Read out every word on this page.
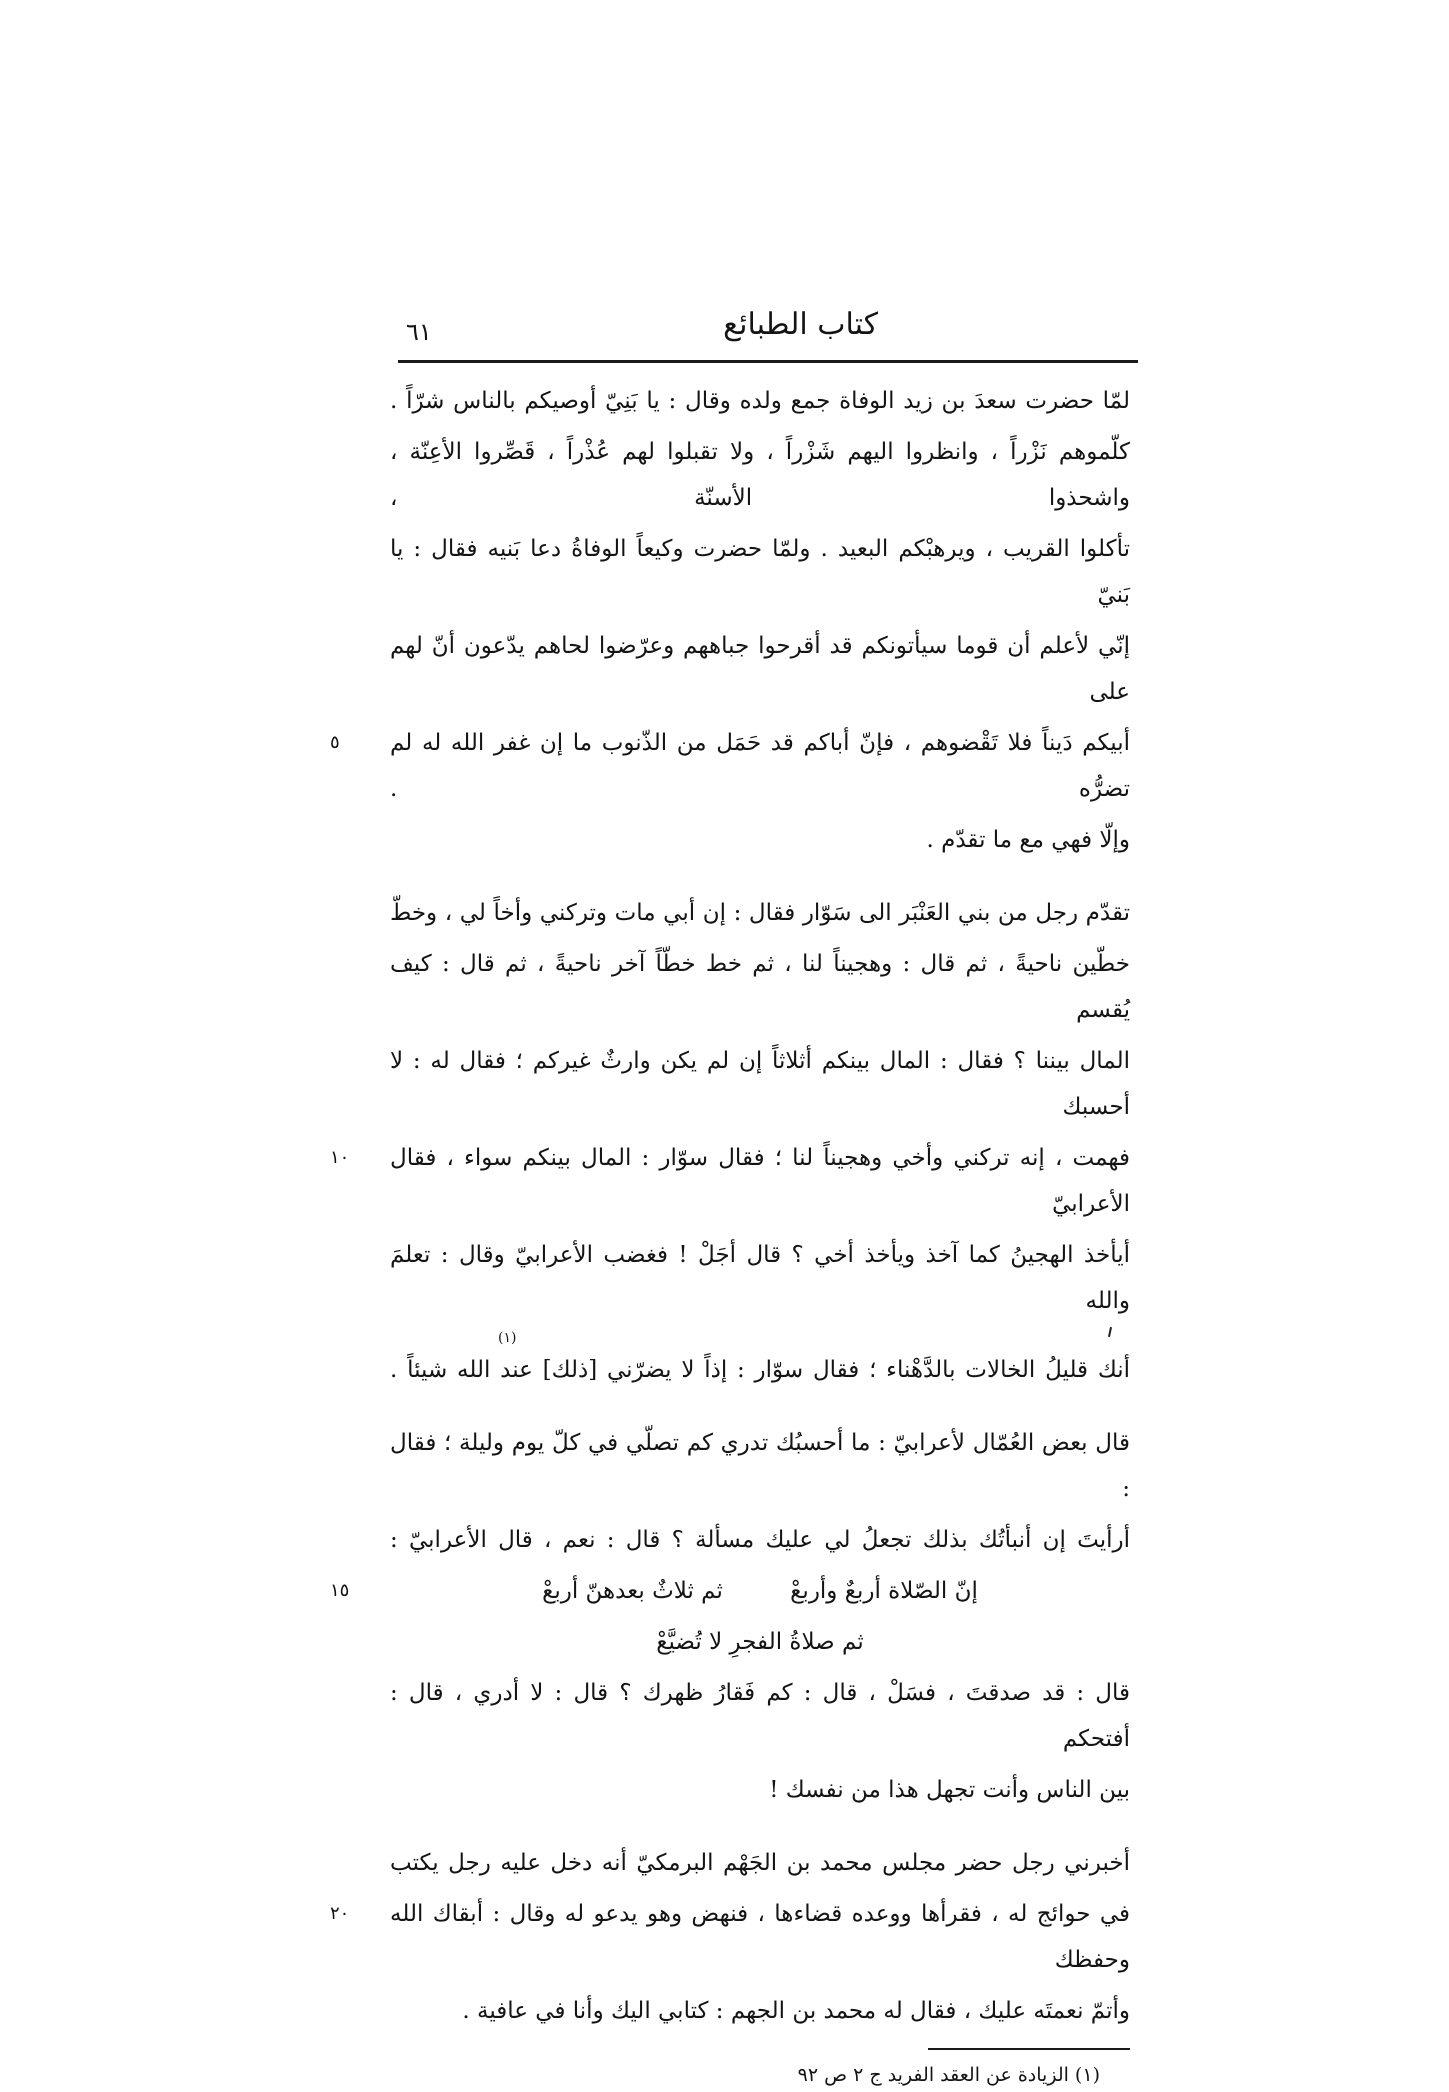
كتاب الطبائع
٦١
٥
١٠
١٥
٢٠
لمّا حضرت سعدَ بن زيد الوفاة جمع ولده وقال : يا بَنِيّ أوصيكم بالناس شرّاً .
كلّموهم نَزْراً ، وانظروا اليهم شَزْراً ، ولا تقبلوا لهم عُذْراً ، قَصِّروا الأعِنّة ، واشحذوا الأسنّة ،
تأكلوا القريب ، ويرهبْكم البعيد . ولمّا حضرت وكيعاً الوفاةُ دعا بَنيه فقال : يا بَنيّ
إنّي لأعلم أن قوما سيأتونكم قد أقرحوا جباههم وعرّضوا لحاهم يدّعون أنّ لهم على
أبيكم دَيناً فلا تَقْضوهم ، فإنّ أباكم قد حَمَل من الذّنوب ما إن غفر الله له لم تضرُّه .
وإلّا فهي مع ما تقدّم .
تقدّم رجل من بني العَنْبَر الى سَوّار فقال : إن أبي مات وتركني وأخاً لي ، وخطّ
خطّين ناحيةً ، ثم قال : وهجيناً لنا ، ثم خط خطّاً آخر ناحيةً ، ثم قال : كيف يُقسم
المال بيننا ؟ فقال : المال بينكم أثلاثاً إن لم يكن وارثٌ غيركم ؛ فقال له : لا أحسبك
فهمت ، إنه تركني وأخي وهجيناً لنا ؛ فقال سوّار : المال بينكم سواء ، فقال الأعرابيّ
أيأخذ الهجينُ كما آخذ ويأخذ أخي ؟ قال أجَلْ ! فغضب الأعرابيّ وقال : تعلمَ والله
(١)
أنك قليلُ الخالات بالدَّهْناء ؛ فقال سوّار : إذاً لا يضرّني [ذلك] عند الله شيئاً .
قال بعض العُمّال لأعرابيّ : ما أحسبُك تدري كم تصلّي في كلّ يوم وليلة ؛ فقال :
أرأيتَ إن أنبأتُك بذلك تجعلُ لي عليك مسألة ؟ قال : نعم ، قال الأعرابيّ :
إنّ الصّلاة أربعٌ وأربعْ ثم ثلاثٌ بعدهنّ أربعْ
ثم صلاةُ الفجرِ لا تُضيَّعْ
قال : قد صدقتَ ، فسَلْ ، قال : كم فَقارُ ظهرك ؟ قال : لا أدري ، قال : أفتحكم
بين الناس وأنت تجهل هذا من نفسك !
أخبرني رجل حضر مجلس محمد بن الجَهْم البرمكيّ أنه دخل عليه رجل يكتب
في حوائج له ، فقرأها ووعده قضاءها ، فنهض وهو يدعو له وقال : أبقاك الله وحفظك
وأتمّ نعمتَه عليك ، فقال له محمد بن الجهم : كتابي اليك وأنا في عافية .
(١) الزيادة عن العقد الفريد ج ٢ ص ٩٢
